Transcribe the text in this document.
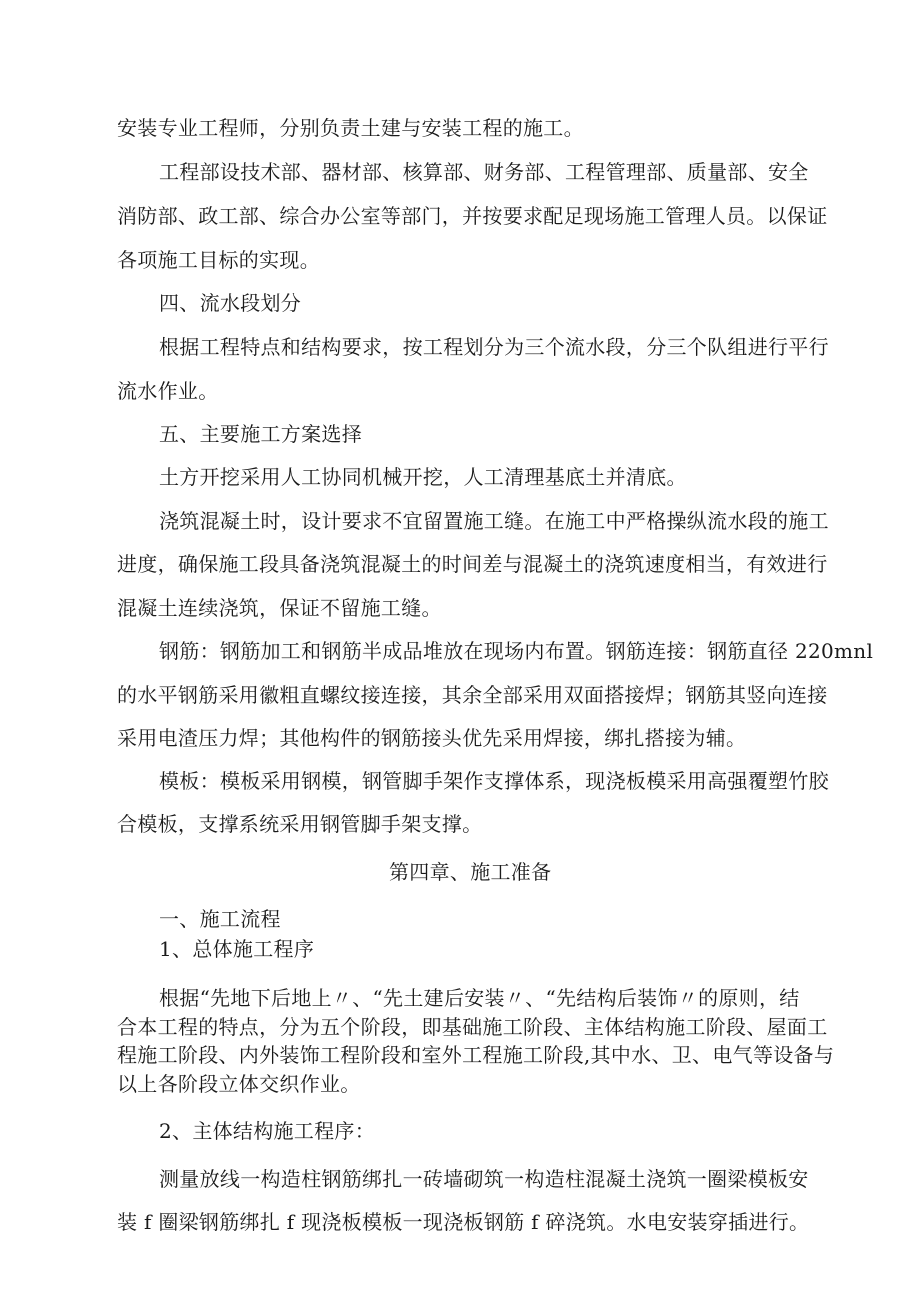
安装专业工程师，分别负责土建与安装工程的施工。
工程部设技术部、器材部、核算部、财务部、工程管理部、质量部、安全
消防部、政工部、综合办公室等部门，并按要求配足现场施工管理人员。以保证
各项施工目标的实现。
四、流水段划分
根据工程特点和结构要求，按工程划分为三个流水段，分三个队组进行平行
流水作业。
五、主要施工方案选择
土方开挖采用人工协同机械开挖，人工清理基底土并清底。
浇筑混凝土时，设计要求不宜留置施工缝。在施工中严格操纵流水段的施工
进度，确保施工段具备浇筑混凝土的时间差与混凝土的浇筑速度相当，有效进行
混凝土连续浇筑，保证不留施工缝。
钢筋：钢筋加工和钢筋半成品堆放在现场内布置。钢筋连接：钢筋直径 220mnl
的水平钢筋采用徽粗直螺纹接连接，其余全部采用双面搭接焊；钢筋其竖向连接
采用电渣压力焊；其他构件的钢筋接头优先采用焊接，绑扎搭接为辅。
模板：模板采用钢模，钢管脚手架作支撑体系，现浇板模采用高强覆塑竹胶
合模板，支撑系统采用钢管脚手架支撑。
第四章、施工准备
一、施工流程
1、总体施工程序
根据“先地下后地上〃、“先土建后安装〃、“先结构后装饰〃的原则，结
合本工程的特点，分为五个阶段，即基础施工阶段、主体结构施工阶段、屋面工
程施工阶段、内外装饰工程阶段和室外工程施工阶段,其中水、卫、电气等设备与
以上各阶段立体交织作业。
2、主体结构施工程序：
测量放线一构造柱钢筋绑扎一砖墙砌筑一构造柱混凝土浇筑一圈梁模板安
装 f 圈梁钢筋绑扎 f 现浇板模板一现浇板钢筋 f 碎浇筑。水电安装穿插进行。
